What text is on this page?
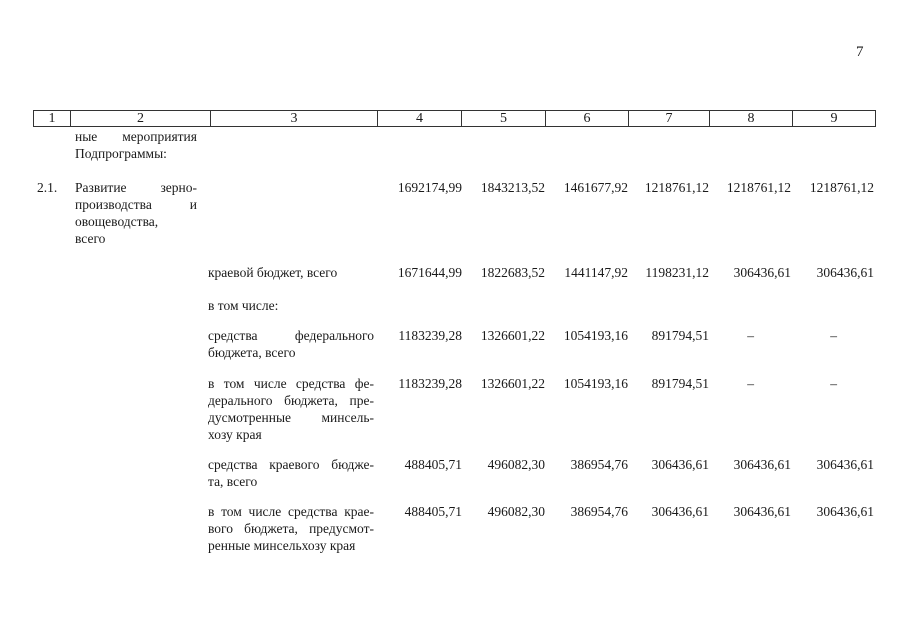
7
1	2	3	4	5	6	7	8	9
ные мероприятия
Подпрограммы:
2.1. Развитие зерно-
производства и
овощеводства,
всего
1692174,99 1843213,52 1461677,92 1218761,12 1218761,12 1218761,12
краевой бюджет, всего	1671644,99 1822683,52 1441147,92 1198231,12 306436,61 306436,61
в том числе:
средства федерального
бюджета, всего
1183239,28 1326601,22 1054193,16 891794,51	–	–
в том числе средства фе-
дерального бюджета, пре-
дусмотренные минсель-
хозу края
1183239,28 1326601,22 1054193,16 891794,51	–	–
средства краевого бюдже-
та, всего
488405,71 496082,30 386954,76 306436,61 306436,61 306436,61
в том числе средства крае-
вого бюджета, предусмот-
ренные минсельхозу края
488405,71 496082,30 386954,76 306436,61 306436,61 306436,61
